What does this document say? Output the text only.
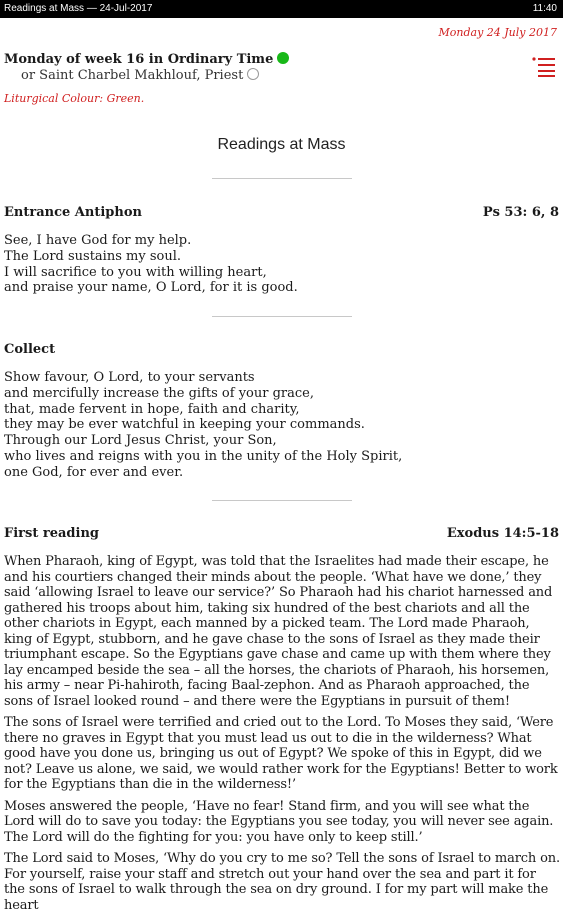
Readings at Mass — 24-Jul-2017	11:40
Monday 24 July 2017
Monday of week 16 in Ordinary Time
or Saint Charbel Makhlouf, Priest
Liturgical Colour: Green.
Readings at Mass
Entrance Antiphon	Ps 53: 6, 8
See, I have God for my help.
The Lord sustains my soul.
I will sacrifice to you with willing heart,
and praise your name, O Lord, for it is good.
Collect
Show favour, O Lord, to your servants
and mercifully increase the gifts of your grace,
that, made fervent in hope, faith and charity,
they may be ever watchful in keeping your commands.
Through our Lord Jesus Christ, your Son,
who lives and reigns with you in the unity of the Holy Spirit,
one God, for ever and ever.
First reading	Exodus 14:5-18

When Pharaoh, king of Egypt, was told that the Israelites had made their escape, he and his courtiers changed their minds about the people. ‘What have we done,’ they said ‘allowing Israel to leave our service?’ So Pharaoh had his chariot harnessed and gathered his troops about him, taking six hundred of the best chariots and all the other chariots in Egypt, each manned by a picked team. The Lord made Pharaoh, king of Egypt, stubborn, and he gave chase to the sons of Israel as they made their triumphant escape. So the Egyptians gave chase and came up with them where they lay encamped beside the sea – all the horses, the chariots of Pharaoh, his horsemen, his army – near Pi-hahiroth, facing Baal-zephon. And as Pharaoh approached, the sons of Israel looked round – and there were the Egyptians in pursuit of them!

The sons of Israel were terrified and cried out to the Lord. To Moses they said, ‘Were there no graves in Egypt that you must lead us out to die in the wilderness? What good have you done us, bringing us out of Egypt? We spoke of this in Egypt, did we not? Leave us alone, we said, we would rather work for the Egyptians! Better to work for the Egyptians than die in the wilderness!’

Moses answered the people, ‘Have no fear! Stand firm, and you will see what the Lord will do to save you today: the Egyptians you see today, you will never see again. The Lord will do the fighting for you: you have only to keep still.’

The Lord said to Moses, ‘Why do you cry to me so? Tell the sons of Israel to march on. For yourself, raise your staff and stretch out your hand over the sea and part it for the sons of Israel to walk through the sea on dry ground. I for my part will make the heart
